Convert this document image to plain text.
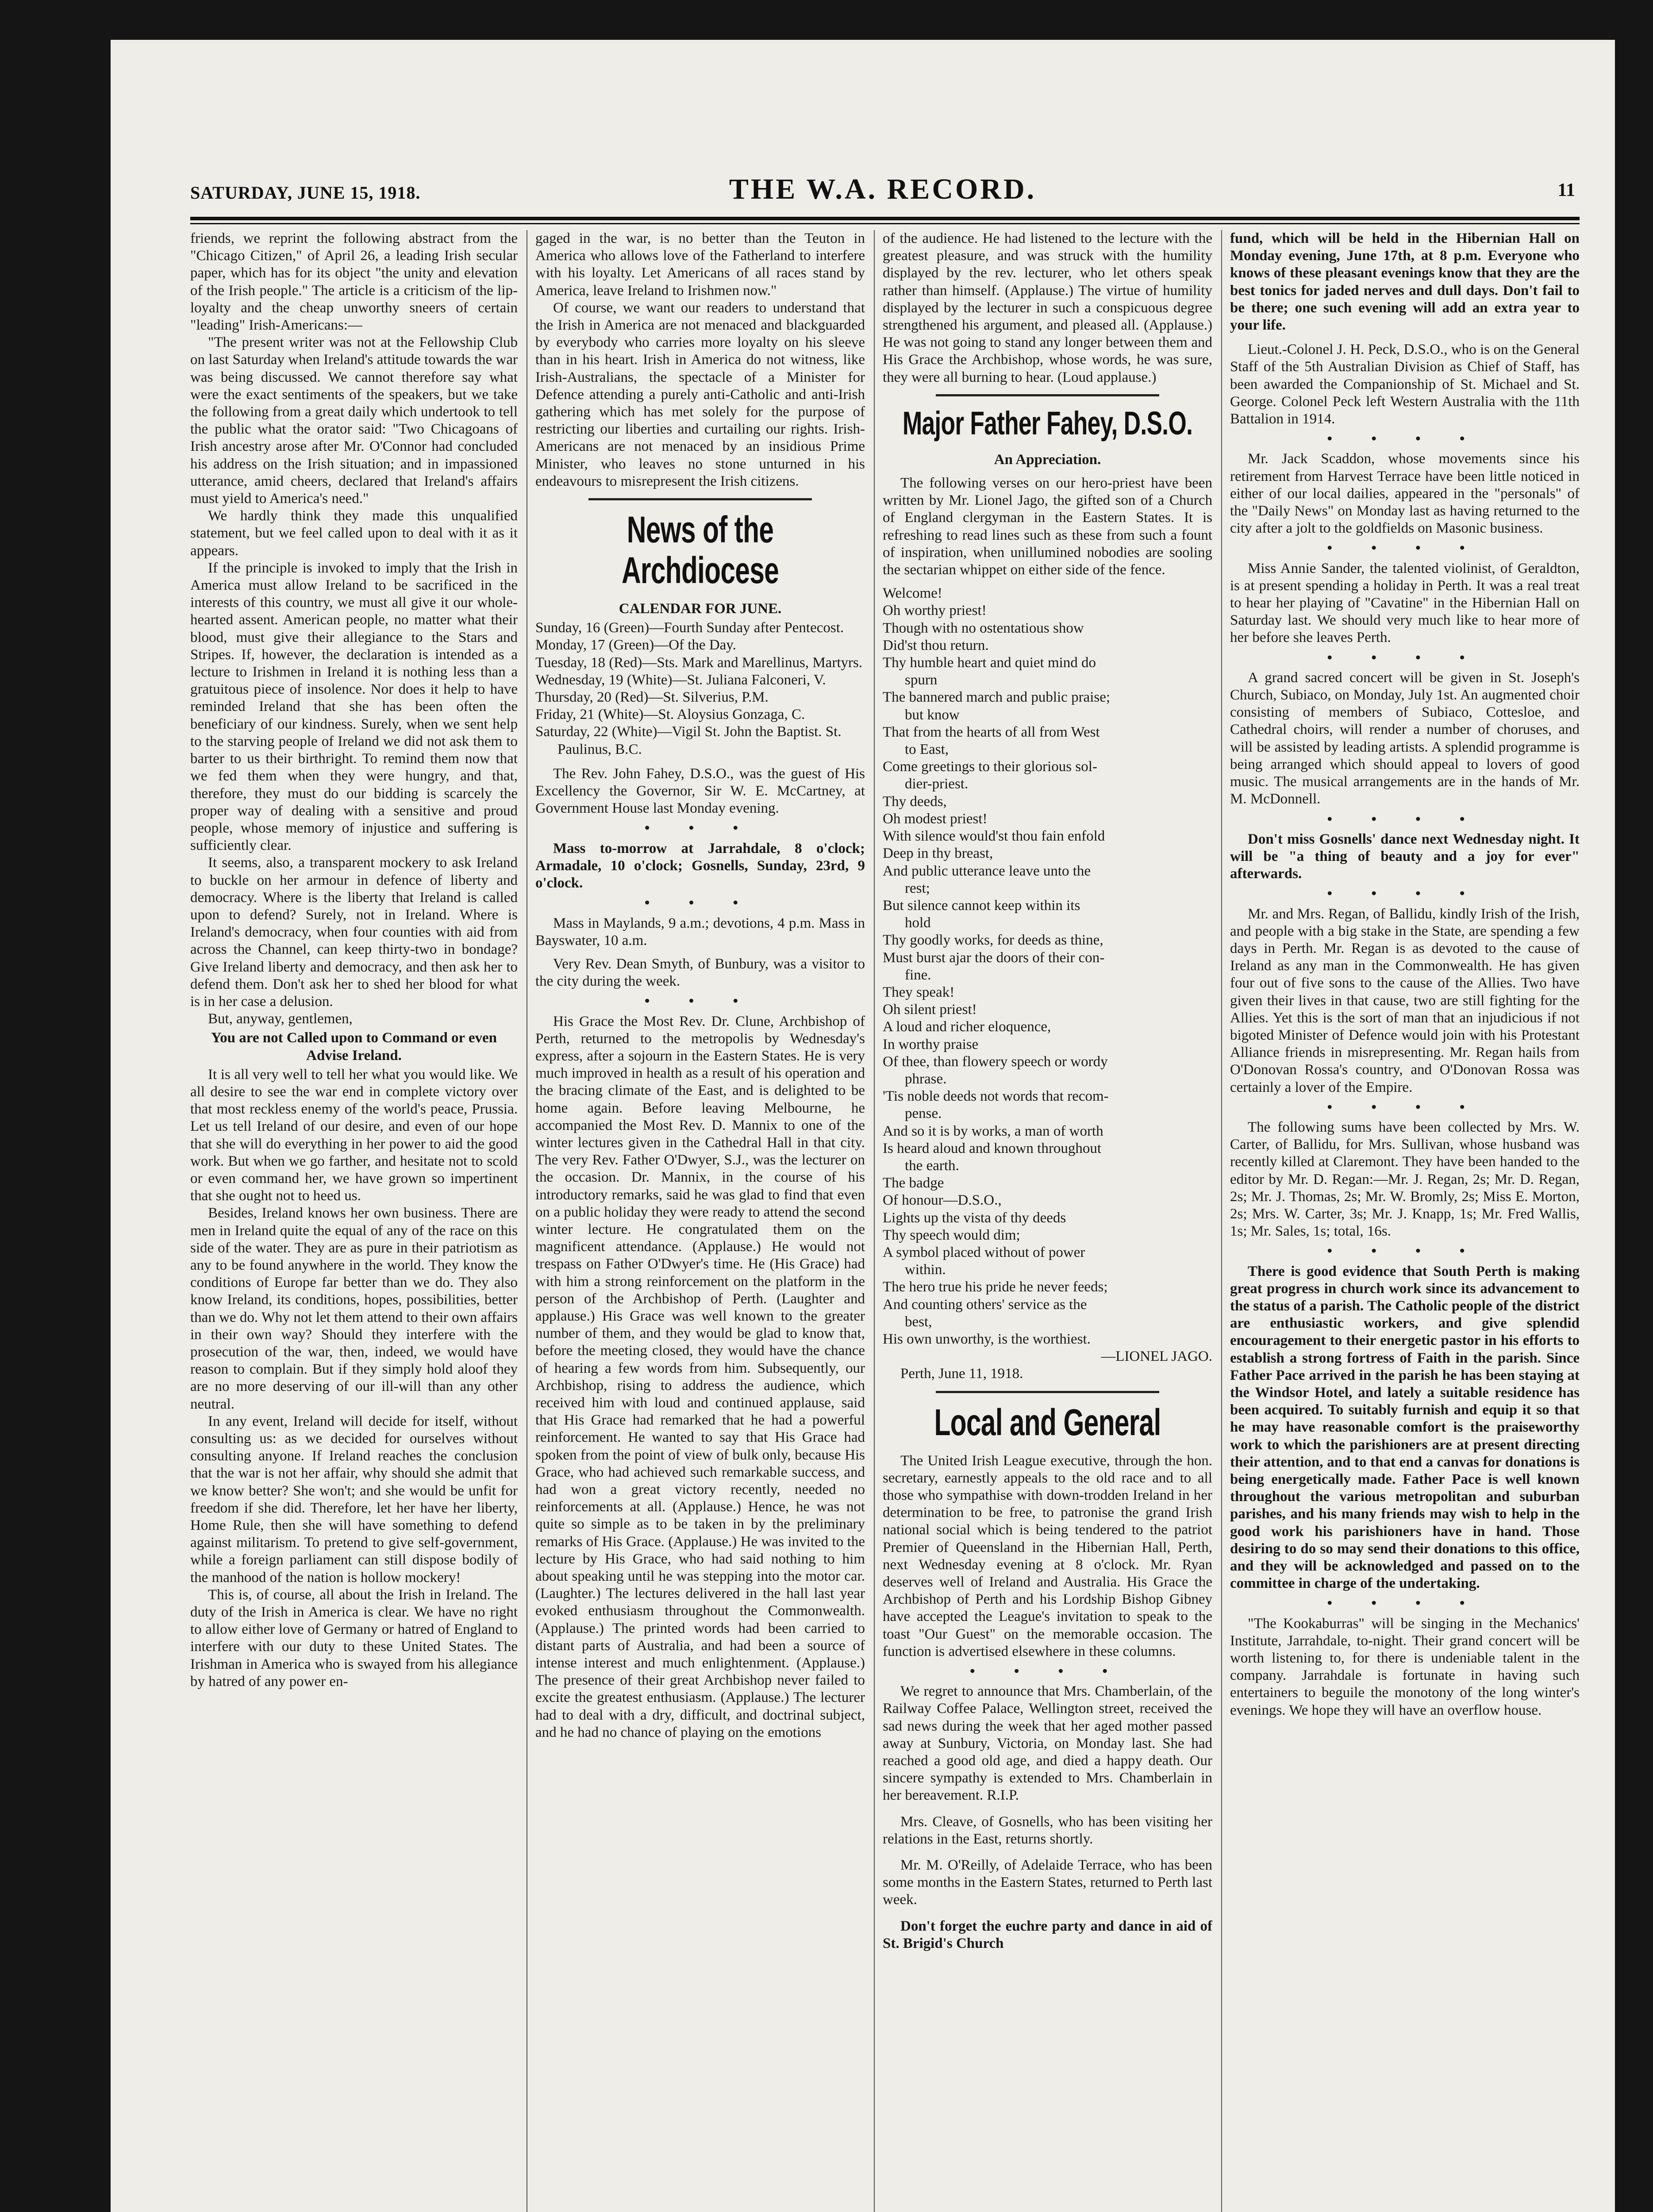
THE W.A. RECORD.
SATURDAY, JUNE 15, 1918.	11

friends, we reprint the following abstract from the "Chicago Citizen," of April 26, a leading Irish secular paper, which has for its object "the unity and elevation of the Irish people." The article is a criticism of the lip-loyalty and the cheap unworthy sneers of certain "leading" Irish-Americans:—

"The present writer was not at the Fellowship Club on last Saturday when Ireland's attitude towards the war was being discussed. We cannot therefore say what were the exact sentiments of the speakers, but we take the following from a great daily which undertook to tell the public what the orator said: "Two Chicagoans of Irish ancestry arose after Mr. O'Connor had concluded his address on the Irish situation; and in impassioned utterance, amid cheers, declared that Ireland's affairs must yield to America's need."

We hardly think they made this unqualified statement, but we feel called upon to deal with it as it appears.

If the principle is invoked to imply that the Irish in America must allow Ireland to be sacrificed in the interests of this country, we must all give it our whole-hearted assent. American people, no matter what their blood, must give their allegiance to the Stars and Stripes. If, however, the declaration is intended as a lecture to Irishmen in Ireland it is nothing less than a gratuitous piece of insolence. Nor does it help to have reminded Ireland that she has been often the beneficiary of our kindness. Surely, when we sent help to the starving people of Ireland we did not ask them to barter to us their birthright. To remind them now that we fed them when they were hungry, and that, therefore, they must do our bidding is scarcely the proper way of dealing with a sensitive and proud people, whose memory of injustice and suffering is sufficiently clear.

It seems, also, a transparent mockery to ask Ireland to buckle on her armour in defence of liberty and democracy. Where is the liberty that Ireland is called upon to defend? Surely, not in Ireland. Where is Ireland's democracy, when four counties with aid from across the Channel, can keep thirty-two in bondage? Give Ireland liberty and democracy, and then ask her to defend them. Don't ask her to shed her blood for what is in her case a delusion.

But, anyway, gentlemen,

You are not Called upon to Command or even Advise Ireland.

It is all very well to tell her what you would like. We all desire to see the war end in complete victory over that most reckless enemy of the world's peace, Prussia. Let us tell Ireland of our desire, and even of our hope that she will do everything in her power to aid the good work. But when we go farther, and hesitate not to scold or even command her, we have grown so impertinent that she ought not to heed us.

Besides, Ireland knows her own business. There are men in Ireland quite the equal of any of the race on this side of the water. They are as pure in their patriotism as any to be found anywhere in the world. They know the conditions of Europe far better than we do. They also know Ireland, its conditions, hopes, possibilities, better than we do. Why not let them attend to their own affairs in their own way? Should they interfere with the prosecution of the war, then, indeed, we would have reason to complain. But if they simply hold aloof they are no more deserving of our ill-will than any other neutral.

In any event, Ireland will decide for itself, without consulting us: as we decided for ourselves without consulting anyone. If Ireland reaches the conclusion that the war is not her affair, why should she admit that we know better? She won't; and she would be unfit for freedom if she did. Therefore, let her have her liberty, Home Rule, then she will have something to defend against militarism. To pretend to give self-government, while a foreign parliament can still dispose bodily of the manhood of the nation is hollow mockery!

This is, of course, all about the Irish in Ireland. The duty of the Irish in America is clear. We have no right to allow either love of Germany or hatred of England to interfere with our duty to these United States. The Irishman in America who is swayed from his allegiance by hatred of any power en-

gaged in the war, is no better than the Teuton in America who allows love of the Fatherland to interfere with his loyalty. Let Americans of all races stand by America, leave Ireland to Irishmen now."

Of course, we want our readers to understand that the Irish in America are not menaced and blackguarded by everybody who carries more loyalty on his sleeve than in his heart. Irish in America do not witness, like Irish-Australians, the spectacle of a Minister for Defence attending a purely anti-Catholic and anti-Irish gathering which has met solely for the purpose of restricting our liberties and curtailing our rights. Irish-Americans are not menaced by an insidious Prime Minister, who leaves no stone unturned in his endeavours to misrepresent the Irish citizens.

News of the Archdiocese

CALENDAR FOR JUNE.

Sunday, 16 (Green)—Fourth Sunday after Pentecost.
Monday, 17 (Green)—Of the Day.
Tuesday, 18 (Red)—Sts. Mark and Marellinus, Martyrs.
Wednesday, 19 (White)—St. Juliana Falconeri, V.
Thursday, 20 (Red)—St. Silverius, P.M.
Friday, 21 (White)—St. Aloysius Gonzaga, C.
Saturday, 22 (White)—Vigil St. John the Baptist. St. Paulinus, B.C.

The Rev. John Fahey, D.S.O., was the guest of His Excellency the Governor, Sir W. E. McCartney, at Government House last Monday evening.

• • •

Mass to-morrow at Jarrahdale, 8 o'clock; Armadale, 10 o'clock; Gosnells, Sunday, 23rd, 9 o'clock.

• • •

Mass in Maylands, 9 a.m.; devotions, 4 p.m. Mass in Bayswater, 10 a.m.

Very Rev. Dean Smyth, of Bunbury, was a visitor to the city during the week.

• • •

His Grace the Most Rev. Dr. Clune, Archbishop of Perth, returned to the metropolis by Wednesday's express, after a sojourn in the Eastern States. He is very much improved in health as a result of his operation and the bracing climate of the East, and is delighted to be home again. Before leaving Melbourne, he accompanied the Most Rev. D. Mannix to one of the winter lectures given in the Cathedral Hall in that city. The very Rev. Father O'Dwyer, S.J., was the lecturer on the occasion. Dr. Mannix, in the course of his introductory remarks, said he was glad to find that even on a public holiday they were ready to attend the second winter lecture. He congratulated them on the magnificent attendance. (Applause.) He would not trespass on Father O'Dwyer's time. He (His Grace) had with him a strong reinforcement on the platform in the person of the Archbishop of Perth. (Laughter and applause.) His Grace was well known to the greater number of them, and they would be glad to know that, before the meeting closed, they would have the chance of hearing a few words from him. Subsequently, our Archbishop, rising to address the audience, which received him with loud and continued applause, said that His Grace had remarked that he had a powerful reinforcement. He wanted to say that His Grace had spoken from the point of view of bulk only, because His Grace, who had achieved such remarkable success, and had won a great victory recently, needed no reinforcements at all. (Applause.) Hence, he was not quite so simple as to be taken in by the preliminary remarks of His Grace. (Applause.) He was invited to the lecture by His Grace, who had said nothing to him about speaking until he was stepping into the motor car. (Laughter.) The lectures delivered in the hall last year evoked enthusiasm throughout the Commonwealth. (Applause.) The printed words had been carried to distant parts of Australia, and had been a source of intense interest and much enlightenment. (Applause.) The presence of their great Archbishop never failed to excite the greatest enthusiasm. (Applause.) The lecturer had to deal with a dry, difficult, and doctrinal subject, and he had no chance of playing on the emotions

of the audience. He had listened to the lecture with the greatest pleasure, and was struck with the humility displayed by the rev. lecturer, who let others speak rather than himself. (Applause.) The virtue of humility displayed by the lecturer in such a conspicuous degree strengthened his argument, and pleased all. (Applause.) He was not going to stand any longer between them and His Grace the Archbishop, whose words, he was sure, they were all burning to hear. (Loud applause.)

Major Father Fahey, D.S.O.

An Appreciation.

The following verses on our hero-priest have been written by Mr. Lionel Jago, the gifted son of a Church of England clergyman in the Eastern States. It is refreshing to read lines such as these from such a fount of inspiration, when unillumined nobodies are sooling the sectarian whippet on either side of the fence.

Welcome!
Oh worthy priest!
Though with no ostentatious show
Did'st thou return.
Thy humble heart and quiet mind do
spurn
The bannered march and public praise;
but know
That from the hearts of all from West
to East,
Come greetings to their glorious sol-
dier-priest.
Thy deeds,
Oh modest priest!
With silence would'st thou fain enfold
Deep in thy breast,
And public utterance leave unto the
rest;
But silence cannot keep within its
hold
Thy goodly works, for deeds as thine,
Must burst ajar the doors of their con-
fine.
They speak!
Oh silent priest!
A loud and richer eloquence,
In worthy praise
Of thee, than flowery speech or wordy
phrase.
'Tis noble deeds not words that recom-
pense.
And so it is by works, a man of worth
Is heard aloud and known throughout
the earth.
The badge
Of honour—D.S.O.,
Lights up the vista of thy deeds
Thy speech would dim;
A symbol placed without of power
within.
The hero true his pride he never feeds;
And counting others' service as the
best,
His own unworthy, is the worthiest.

—LIONEL JAGO.

Perth, June 11, 1918.

Local and General

The United Irish League executive, through the hon. secretary, earnestly appeals to the old race and to all those who sympathise with down-trodden Ireland in her determination to be free, to patronise the grand Irish national social which is being tendered to the patriot Premier of Queensland in the Hibernian Hall, Perth, next Wednesday evening at 8 o'clock. Mr. Ryan deserves well of Ireland and Australia. His Grace the Archbishop of Perth and his Lordship Bishop Gibney have accepted the League's invitation to speak to the toast "Our Guest" on the memorable occasion. The function is advertised elsewhere in these columns.

• • • •

We regret to announce that Mrs. Chamberlain, of the Railway Coffee Palace, Wellington street, received the sad news during the week that her aged mother passed away at Sunbury, Victoria, on Monday last. She had reached a good old age, and died a happy death. Our sincere sympathy is extended to Mrs. Chamberlain in her bereavement. R.I.P.

Mrs. Cleave, of Gosnells, who has been visiting her relations in the East, returns shortly.

Mr. M. O'Reilly, of Adelaide Terrace, who has been some months in the Eastern States, returned to Perth last week.

Don't forget the euchre party and dance in aid of St. Brigid's Church

fund, which will be held in the Hibernian Hall on Monday evening, June 17th, at 8 p.m. Everyone who knows of these pleasant evenings know that they are the best tonics for jaded nerves and dull days. Don't fail to be there; one such evening will add an extra year to your life.

Lieut.-Colonel J. H. Peck, D.S.O., who is on the General Staff of the 5th Australian Division as Chief of Staff, has been awarded the Companionship of St. Michael and St. George. Colonel Peck left Western Australia with the 11th Battalion in 1914.

• • • •

Mr. Jack Scaddon, whose movements since his retirement from Harvest Terrace have been little noticed in either of our local dailies, appeared in the "personals" of the "Daily News" on Monday last as having returned to the city after a jolt to the goldfields on Masonic business.

• • • •

Miss Annie Sander, the talented violinist, of Geraldton, is at present spending a holiday in Perth. It was a real treat to hear her playing of "Cavatine" in the Hibernian Hall on Saturday last. We should very much like to hear more of her before she leaves Perth.

• • • •

A grand sacred concert will be given in St. Joseph's Church, Subiaco, on Monday, July 1st. An augmented choir consisting of members of Subiaco, Cottesloe, and Cathedral choirs, will render a number of choruses, and will be assisted by leading artists. A splendid programme is being arranged which should appeal to lovers of good music. The musical arrangements are in the hands of Mr. M. McDonnell.

• • • •

Don't miss Gosnells' dance next Wednesday night. It will be "a thing of beauty and a joy for ever" afterwards.

• • • •

Mr. and Mrs. Regan, of Ballidu, kindly Irish of the Irish, and people with a big stake in the State, are spending a few days in Perth. Mr. Regan is as devoted to the cause of Ireland as any man in the Commonwealth. He has given four out of five sons to the cause of the Allies. Two have given their lives in that cause, two are still fighting for the Allies. Yet this is the sort of man that an injudicious if not bigoted Minister of Defence would join with his Protestant Alliance friends in misrepresenting. Mr. Regan hails from O'Donovan Rossa's country, and O'Donovan Rossa was certainly a lover of the Empire.

• • • •

The following sums have been collected by Mrs. W. Carter, of Ballidu, for Mrs. Sullivan, whose husband was recently killed at Claremont. They have been handed to the editor by Mr. D. Regan:—Mr. J. Regan, 2s; Mr. D. Regan, 2s; Mr. J. Thomas, 2s; Mr. W. Bromly, 2s; Miss E. Morton, 2s; Mrs. W. Carter, 3s; Mr. J. Knapp, 1s; Mr. Fred Wallis, 1s; Mr. Sales, 1s; total, 16s.

• • • •

There is good evidence that South Perth is making great progress in church work since its advancement to the status of a parish. The Catholic people of the district are enthusiastic workers, and give splendid encouragement to their energetic pastor in his efforts to establish a strong fortress of Faith in the parish. Since Father Pace arrived in the parish he has been staying at the Windsor Hotel, and lately a suitable residence has been acquired. To suitably furnish and equip it so that he may have reasonable comfort is the praiseworthy work to which the parishioners are at present directing their attention, and to that end a canvas for donations is being energetically made. Father Pace is well known throughout the various metropolitan and suburban parishes, and his many friends may wish to help in the good work his parishioners have in hand. Those desiring to do so may send their donations to this office, and they will be acknowledged and passed on to the committee in charge of the undertaking.

• • • •

"The Kookaburras" will be singing in the Mechanics' Institute, Jarrahdale, to-night. Their grand concert will be worth listening to, for there is undeniable talent in the company. Jarrahdale is fortunate in having such entertainers to beguile the monotony of the long winter's evenings. We hope they will have an overflow house.
